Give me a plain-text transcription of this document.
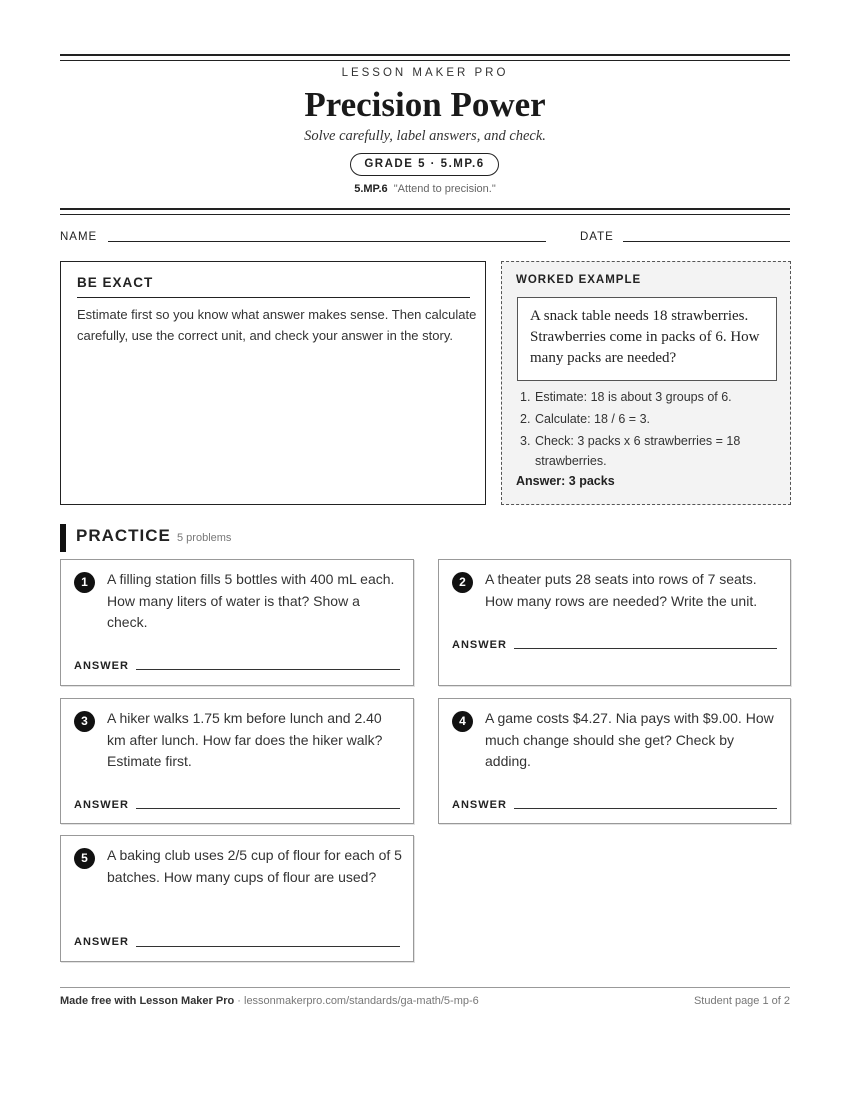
LESSON MAKER PRO
Precision Power
Solve carefully, label answers, and check.
GRADE 5 · 5.MP.6
5.MP.6 "Attend to precision."
NAME	DATE
BE EXACT
Estimate first so you know what answer makes sense. Then calculate carefully, use the correct unit, and check your answer in the story.
WORKED EXAMPLE
A snack table needs 18 strawberries. Strawberries come in packs of 6. How many packs are needed?
1. Estimate: 18 is about 3 groups of 6.
2. Calculate: 18 / 6 = 3.
3. Check: 3 packs x 6 strawberries = 18 strawberries.
Answer: 3 packs
PRACTICE 5 problems
1	A filling station fills 5 bottles with 400 mL each. How many liters of water is that? Show a check.
ANSWER
2	A theater puts 28 seats into rows of 7 seats. How many rows are needed? Write the unit.
ANSWER
3	A hiker walks 1.75 km before lunch and 2.40 km after lunch. How far does the hiker walk? Estimate first.
ANSWER
4	A game costs $4.27. Nia pays with $9.00. How much change should she get? Check by adding.
ANSWER
5	A baking club uses 2/5 cup of flour for each of 5 batches. How many cups of flour are used?
ANSWER
Made free with Lesson Maker Pro · lessonmakerpro.com/standards/ga-math/5-mp-6	Student page 1 of 2
